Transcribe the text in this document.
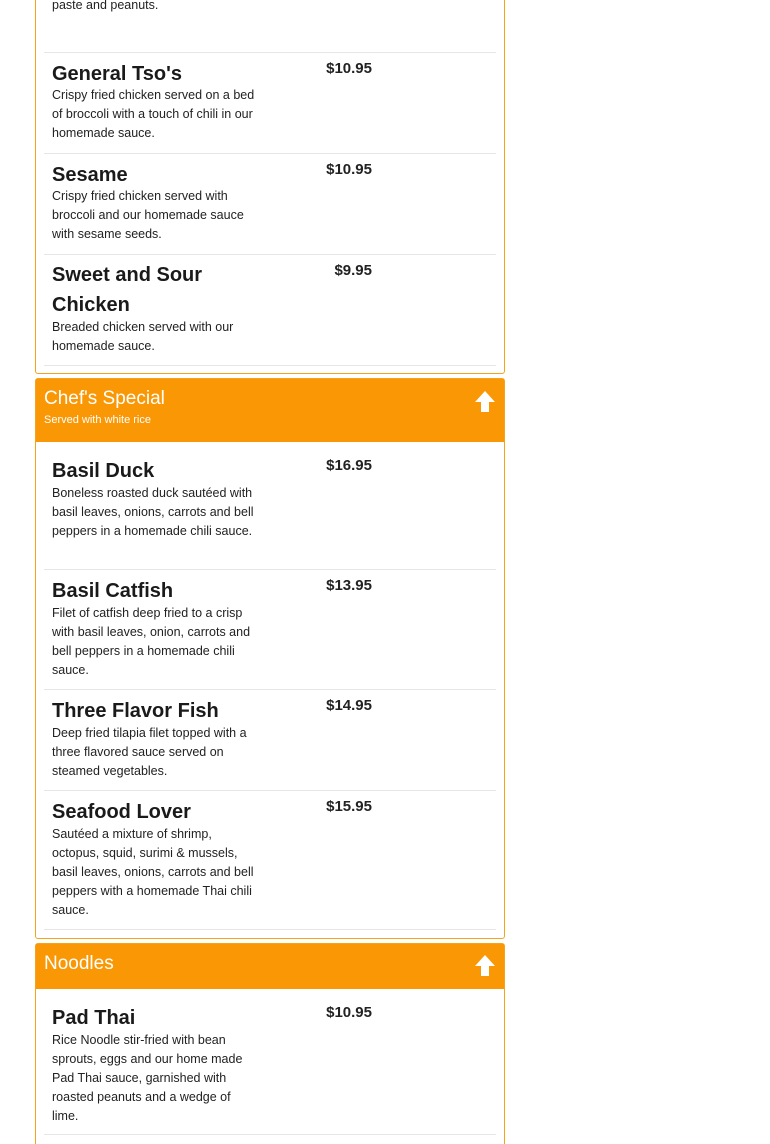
paste and peanuts.
General Tso's	$10.95
Crispy fried chicken served on a bed of broccoli with a touch of chili in our homemade sauce.
Sesame	$10.95
Crispy fried chicken served with broccoli and our homemade sauce with sesame seeds.
Sweet and Sour Chicken
$9.95
Breaded chicken served with our homemade sauce.
Chef's Special
Served with white rice
Basil Duck	$16.95
Boneless roasted duck sautéed with basil leaves, onions, carrots and bell peppers in a homemade chili sauce.
Basil Catfish	$13.95
Filet of catfish deep fried to a crisp with basil leaves, onion, carrots and bell peppers in a homemade chili sauce.
Three Flavor Fish	$14.95
Deep fried tilapia filet topped with a three flavored sauce served on steamed vegetables.
Seafood Lover	$15.95
Sautéed a mixture of shrimp, octopus, squid, surimi & mussels, basil leaves, onions, carrots and bell peppers with a homemade Thai chili sauce.
Noodles
Pad Thai	$10.95
Rice Noodle stir-fried with bean sprouts, eggs and our home made Pad Thai sauce, garnished with roasted peanuts and a wedge of lime.
